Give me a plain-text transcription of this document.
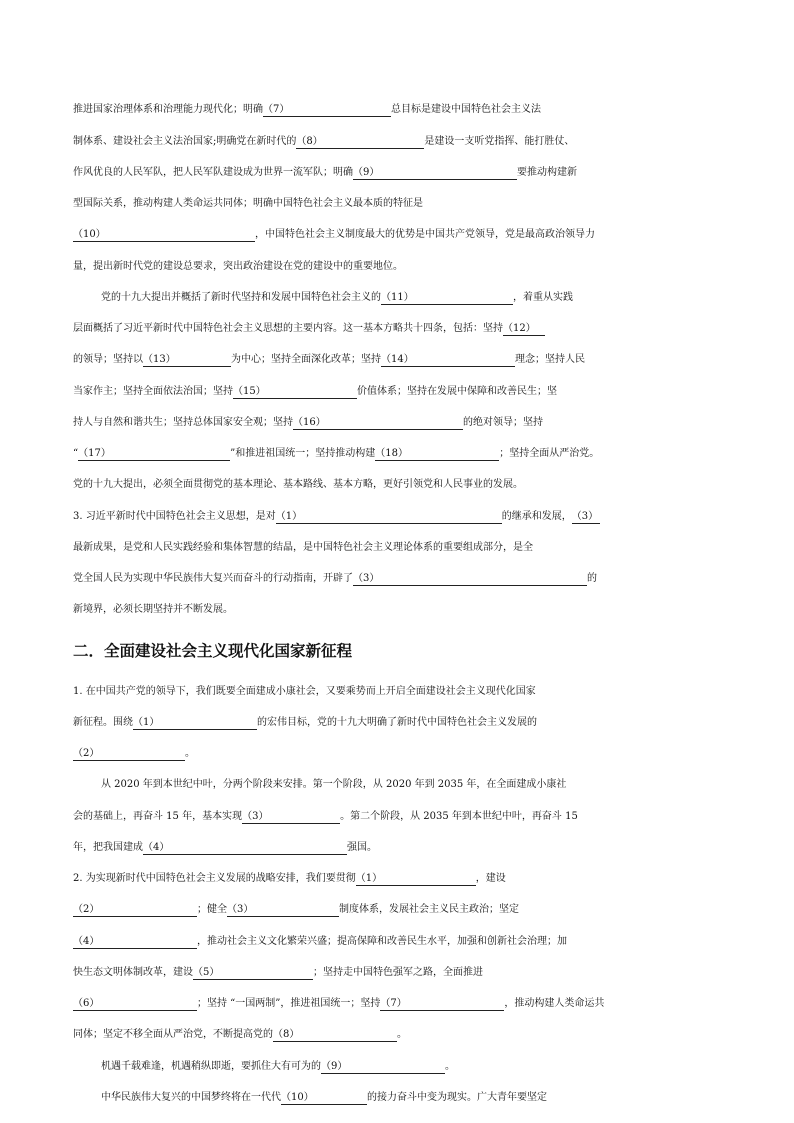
推进国家治理体系和治理能力现代化；明确（7）	总目标是建设中国特色社会主义法
制体系、建设社会主义法治国家;明确党在新时代的（8）	是建设一支听党指挥、能打胜仗、
作风优良的人民军队，把人民军队建设成为世界一流军队；明确（9）	要推动构建新
型国际关系，推动构建人类命运共同体；明确中国特色社会主义最本质的特征是
（10）	，中国特色社会主义制度最大的优势是中国共产党领导，党是最高政治领导力
量，提出新时代党的建设总要求，突出政治建设在党的建设中的重要地位。
党的十九大提出并概括了新时代坚持和发展中国特色社会主义的（11）	，着重从实践
层面概括了习近平新时代中国特色社会主义思想的主要内容。这一基本方略共十四条，包括：坚持（12）
的领导；坚持以（13）	为中心；坚持全面深化改革；坚持（14）	理念；坚持人民
当家作主；坚持全面依法治国；坚持（15）	价值体系；坚持在发展中保障和改善民生；坚
持人与自然和谐共生；坚持总体国家安全观；坚持（16）	的绝对领导；坚持
“（17）	”和推进祖国统一；坚持推动构建（18）	；坚持全面从严治党。
党的十九大提出，必须全面贯彻党的基本理论、基本路线、基本方略，更好引领党和人民事业的发展。
3. 习近平新时代中国特色社会主义思想，是对（1）	的继承和发展，（3）
最新成果，是党和人民实践经验和集体智慧的结晶，是中国特色社会主义理论体系的重要组成部分，是全
党全国人民为实现中华民族伟大复兴而奋斗的行动指南，开辟了（3）	的
新境界，必须长期坚持并不断发展。
二．全面建设社会主义现代化国家新征程
1. 在中国共产党的领导下，我们既要全面建成小康社会，又要乘势而上开启全面建设社会主义现代化国家
新征程。围绕（1）	的宏伟目标，党的十九大明确了新时代中国特色社会主义发展的
（2）	。
从 2020 年到本世纪中叶，分两个阶段来安排。第一个阶段，从 2020 年到 2035 年，在全面建成小康社
会的基础上，再奋斗 15 年，基本实现（3）	。第二个阶段，从 2035 年到本世纪中叶，再奋斗 15
年，把我国建成（4）	强国。
2. 为实现新时代中国特色社会主义发展的战略安排，我们要贯彻（1）	，建设
（2）	；健全（3）	制度体系，发展社会主义民主政治；坚定
（4）	，推动社会主义文化繁荣兴盛；提高保障和改善民生水平，加强和创新社会治理；加
快生态文明体制改革，建设（5）	；坚持走中国特色强军之路，全面推进
（6）	；坚持 “一国两制”，推进祖国统一；坚持（7）	，推动构建人类命运共
同体；坚定不移全面从严治党，不断提高党的（8）	。
机遇千载难逢，机遇稍纵即逝，要抓住大有可为的（9）	。
中华民族伟大复兴的中国梦终将在一代代（10）	的接力奋斗中变为现实。广大青年要坚定
